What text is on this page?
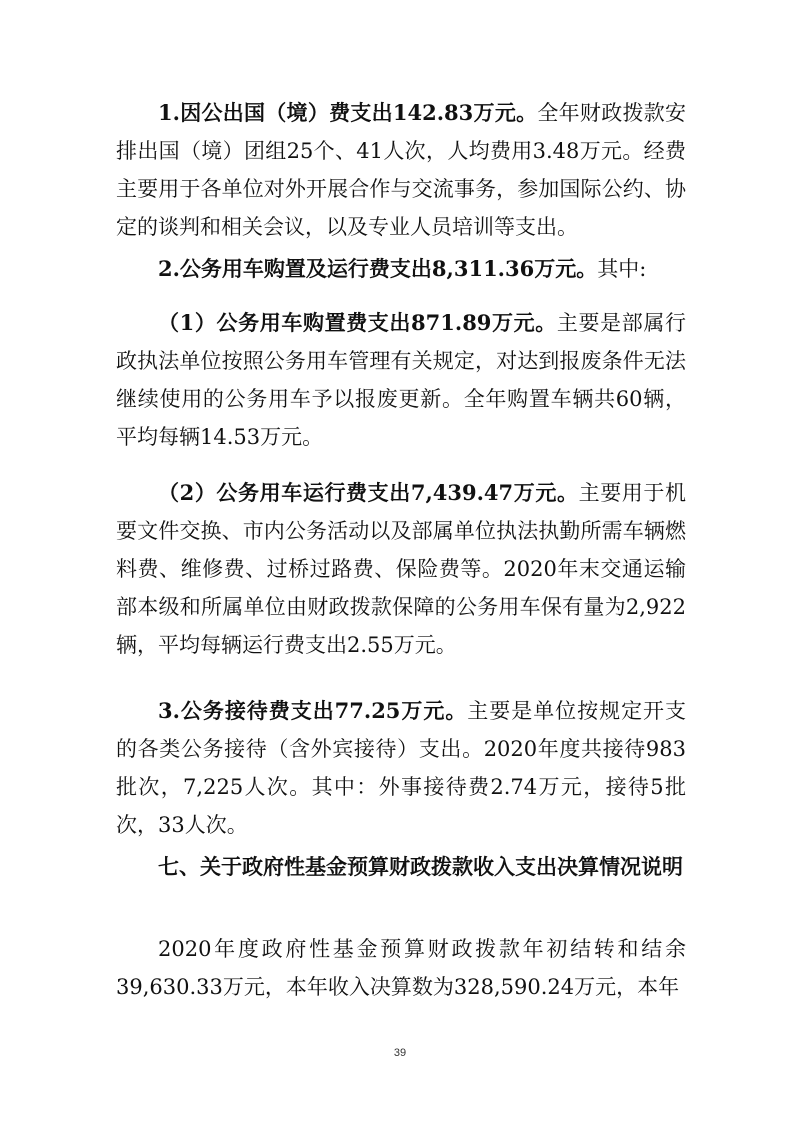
1.因公出国（境）费支出142.83万元。全年财政拨款安排出国（境）团组25个、41人次，人均费用3.48万元。经费主要用于各单位对外开展合作与交流事务，参加国际公约、协定的谈判和相关会议，以及专业人员培训等支出。

2.公务用车购置及运行费支出8,311.36万元。其中:

（1）公务用车购置费支出871.89万元。主要是部属行政执法单位按照公务用车管理有关规定，对达到报废条件无法继续使用的公务用车予以报废更新。全年购置车辆共60辆，平均每辆14.53万元。

（2）公务用车运行费支出7,439.47万元。主要用于机要文件交换、市内公务活动以及部属单位执法执勤所需车辆燃料费、维修费、过桥过路费、保险费等。2020年末交通运输部本级和所属单位由财政拨款保障的公务用车保有量为2,922辆，平均每辆运行费支出2.55万元。

3.公务接待费支出77.25万元。主要是单位按规定开支的各类公务接待（含外宾接待）支出。2020年度共接待983批次，7,225人次。其中：外事接待费2.74万元，接待5批次，33人次。

七、关于政府性基金预算财政拨款收入支出决算情况说明

2020年度政府性基金预算财政拨款年初结转和结余39,630.33万元，本年收入决算数为328,590.24万元，本年

39
